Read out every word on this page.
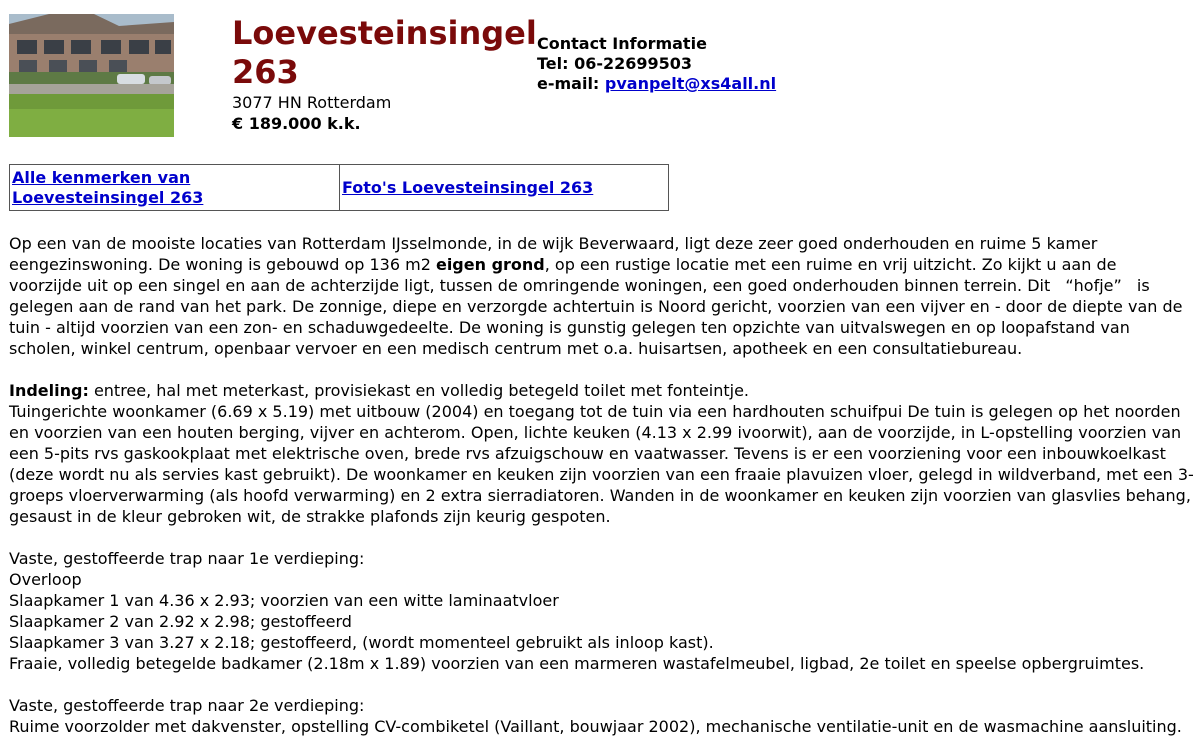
Loevesteinsingel 263
3077 HN Rotterdam
€ 189.000 k.k.
Contact Informatie
Tel: 06-22699503
e-mail: pvanpelt@xs4all.nl
Alle kenmerken van Loevesteinsingel 263	Foto's Loevesteinsingel 263

Op een van de mooiste locaties van Rotterdam IJsselmonde, in de wijk Beverwaard, ligt deze zeer goed onderhouden en ruime 5 kamer eengezinswoning. De woning is gebouwd op 136 m2 eigen grond, op een rustige locatie met een ruime en vrij uitzicht. Zo kijkt u aan de voorzijde uit op een singel en aan de achterzijde ligt, tussen de omringende woningen, een goed onderhouden binnen terrein. Dit “hofje” is gelegen aan de rand van het park. De zonnige, diepe en verzorgde achtertuin is Noord gericht, voorzien van een vijver en - door de diepte van de tuin - altijd voorzien van een zon- en schaduwgedeelte. De woning is gunstig gelegen ten opzichte van uitvalswegen en op loopafstand van scholen, winkel centrum, openbaar vervoer en een medisch centrum met o.a. huisartsen, apotheek en een consultatiebureau.

Indeling: entree, hal met meterkast, provisiekast en volledig betegeld toilet met fonteintje.

Tuingerichte woonkamer (6.69 x 5.19) met uitbouw (2004) en toegang tot de tuin via een hardhouten schuifpui De tuin is gelegen op het noorden en voorzien van een houten berging, vijver en achterom. Open, lichte keuken (4.13 x 2.99 ivoorwit), aan de voorzijde, in L-opstelling voorzien van een 5-pits rvs gaskookplaat met elektrische oven, brede rvs afzuigschouw en vaatwasser. Tevens is er een voorziening voor een inbouwkoelkast (deze wordt nu als servies kast gebruikt). De woonkamer en keuken zijn voorzien van een fraaie plavuizen vloer, gelegd in wildverband, met een 3-groeps vloerverwarming (als hoofd verwarming) en 2 extra sierradiatoren. Wanden in de woonkamer en keuken zijn voorzien van glasvlies behang, gesaust in de kleur gebroken wit, de strakke plafonds zijn keurig gespoten.

Vaste, gestoffeerde trap naar 1e verdieping:

Overloop

Slaapkamer 1 van 4.36 x 2.93; voorzien van een witte laminaatvloer

Slaapkamer 2 van 2.92 x 2.98; gestoffeerd

Slaapkamer 3 van 3.27 x 2.18; gestoffeerd, (wordt momenteel gebruikt als inloop kast).

Fraaie, volledig betegelde badkamer (2.18m x 1.89) voorzien van een marmeren wastafelmeubel, ligbad, 2e toilet en speelse opbergruimtes.

Vaste, gestoffeerde trap naar 2e verdieping:

Ruime voorzolder met dakvenster, opstelling CV-combiketel (Vaillant, bouwjaar 2002), mechanische ventilatie-unit en de wasmachine aansluiting.
